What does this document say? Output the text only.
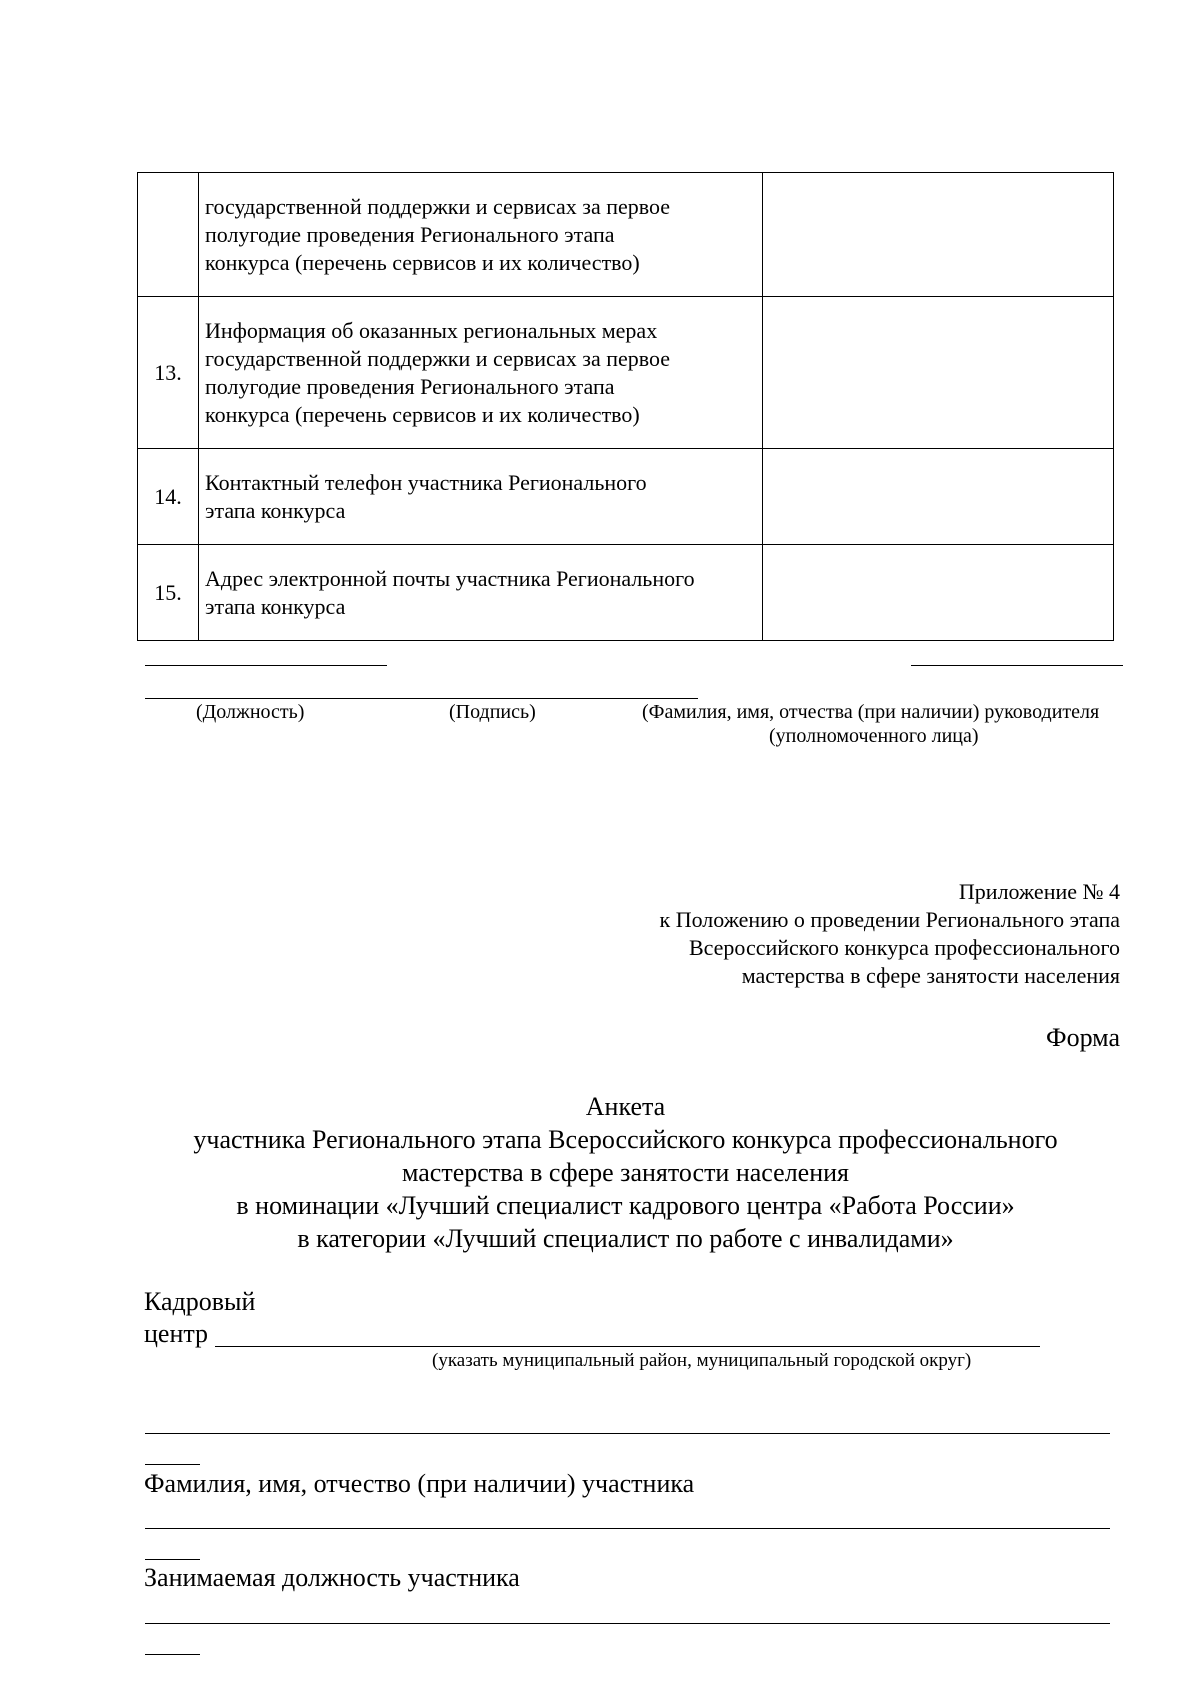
	государственной поддержки и сервисах за первое
полугодие проведения Регионального этапа
конкурса (перечень сервисов и их количество)	

13.	Информация об оказанных региональных мерах
государственной поддержки и сервисах за первое
полугодие проведения Регионального этапа
конкурса (перечень сервисов и их количество)	

14.	Контактный телефон участника Регионального
этапа конкурса	

15.	Адрес электронной почты участника Регионального
этапа конкурса	

(Должность)	(Подпись)	(Фамилия, имя, отчества (при наличии) руководителя
(уполномоченного лица)
Приложение № 4
к Положению о проведении Регионального этапа
Всероссийского конкурса профессионального
мастерства в сфере занятости населения
Форма
Анкета
участника Регионального этапа Всероссийского конкурса профессионального
мастерства в сфере занятости населения
в номинации «Лучший специалист кадрового центра «Работа России»
в категории «Лучший специалист по работе с инвалидами»
Кадровый
центр
(указать муниципальный район, муниципальный городской округ)
Фамилия, имя, отчество (при наличии) участника
Занимаемая должность участника
